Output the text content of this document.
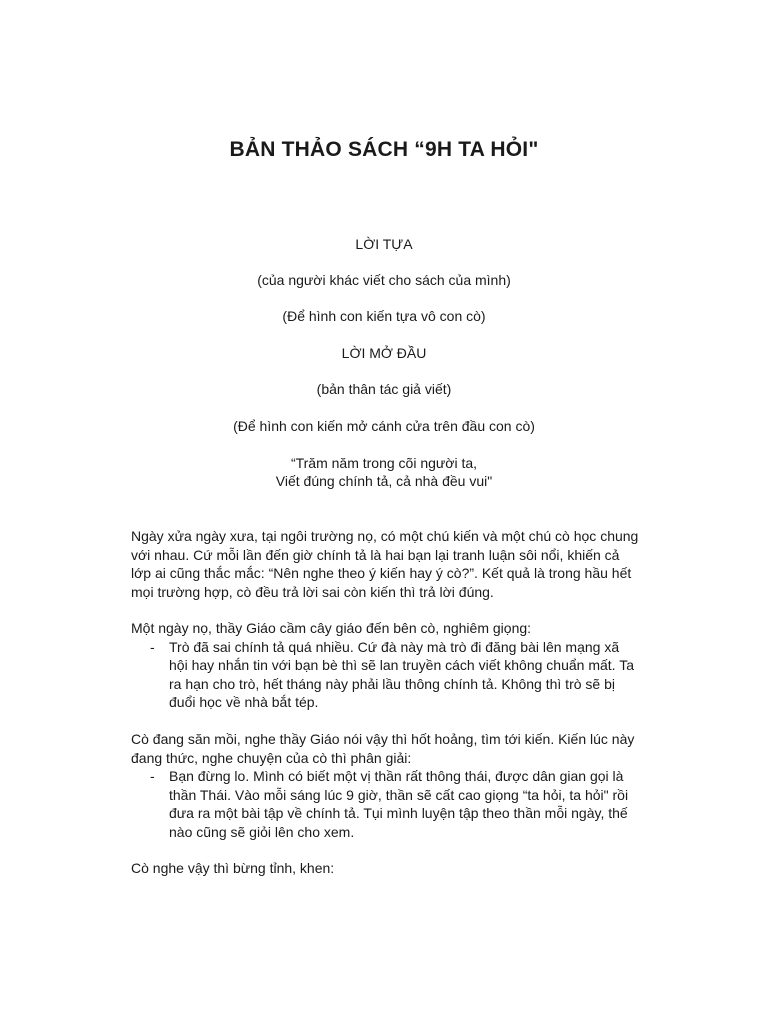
BẢN THẢO SÁCH “9H TA HỎI"
LỜI TỰA
(của người khác viết cho sách của mình)
(Để hình con kiến tựa vô con cò)
LỜI MỞ ĐẦU
(bản thân tác giả viết)
(Để hình con kiến mở cánh cửa trên đầu con cò)
“Trăm năm trong cõi người ta,
Viết đúng chính tả, cả nhà đều vui"

Ngày xửa ngày xưa, tại ngôi trường nọ, có một chú kiến và một chú cò học chung với nhau. Cứ mỗi lần đến giờ chính tả là hai bạn lại tranh luận sôi nổi, khiến cả lớp ai cũng thắc mắc: “Nên nghe theo ý kiến hay ý cò?”. Kết quả là trong hầu hết mọi trường hợp, cò đều trả lời sai còn kiến thì trả lời đúng.

Một ngày nọ, thầy Giáo cầm cây giáo đến bên cò, nghiêm giọng:

- Trò đã sai chính tả quá nhiều. Cứ đà này mà trò đi đăng bài lên mạng xã hội hay nhắn tin với bạn bè thì sẽ lan truyền cách viết không chuẩn mất. Ta ra hạn cho trò, hết tháng này phải lầu thông chính tả. Không thì trò sẽ bị đuổi học về nhà bắt tép.

Cò đang săn mồi, nghe thầy Giáo nói vậy thì hốt hoảng, tìm tới kiến. Kiến lúc này đang thức, nghe chuyện của cò thì phân giải:

- Bạn đừng lo. Mình có biết một vị thần rất thông thái, được dân gian gọi là thần Thái. Vào mỗi sáng lúc 9 giờ, thần sẽ cất cao giọng “ta hỏi, ta hỏi" rồi đưa ra một bài tập về chính tả. Tụi mình luyện tập theo thần mỗi ngày, thế nào cũng sẽ giỏi lên cho xem.

Cò nghe vậy thì bừng tỉnh, khen:
